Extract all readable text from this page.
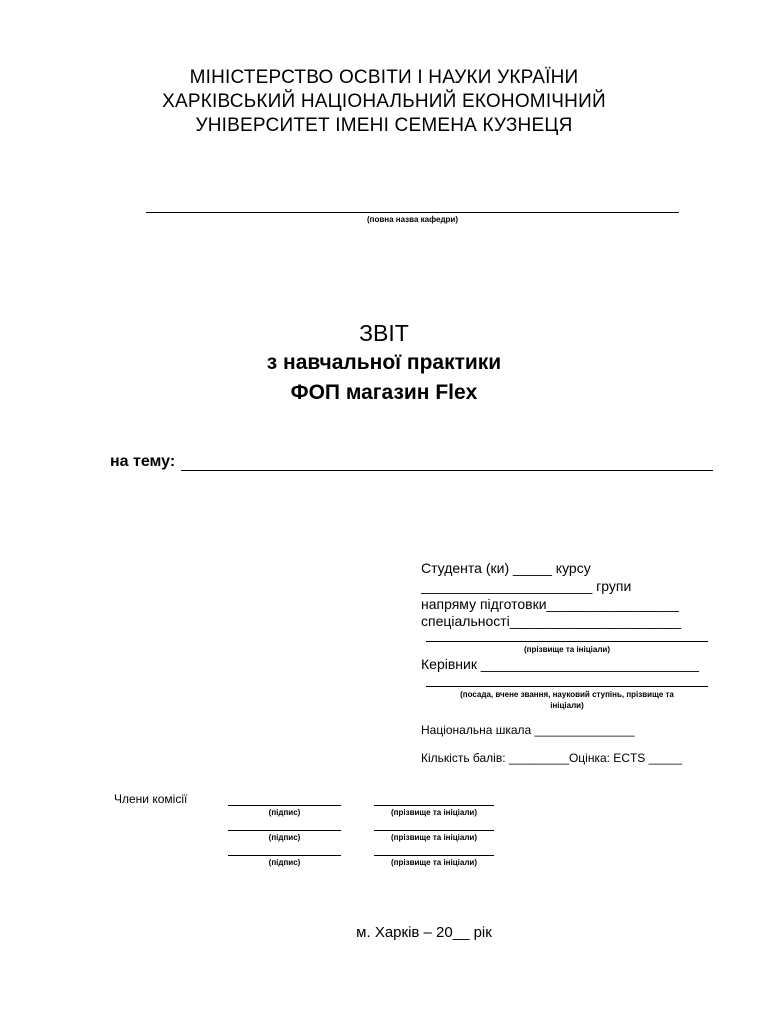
МІНІСТЕРСТВО ОСВІТИ І НАУКИ УКРАЇНИ
ХАРКІВСЬКИЙ НАЦІОНАЛЬНИЙ ЕКОНОМІЧНИЙ
УНІВЕРСИТЕТ ІМЕНІ СЕМЕНА КУЗНЕЦЯ
(повна назва кафедри)
ЗВІТ
з навчальної практики
ФОП магазин Flex
на тему:
Студента (ки) _____ курсу
______________________ групи
напряму підготовки_________________
спеціальності______________________
(прізвище та ініціали)
Керівник ____________________________
(посада, вчене звання, науковий ступінь, прізвище та
ініціали)
Національна шкала _______________
Кількість балів: _________Оцінка: ECTS _____
Члени комісії
(підпис)	(прізвище та ініціали)
(підпис)	(прізвище та ініціали)
(підпис)	(прізвище та ініціали)
м. Харків – 20__ рік
